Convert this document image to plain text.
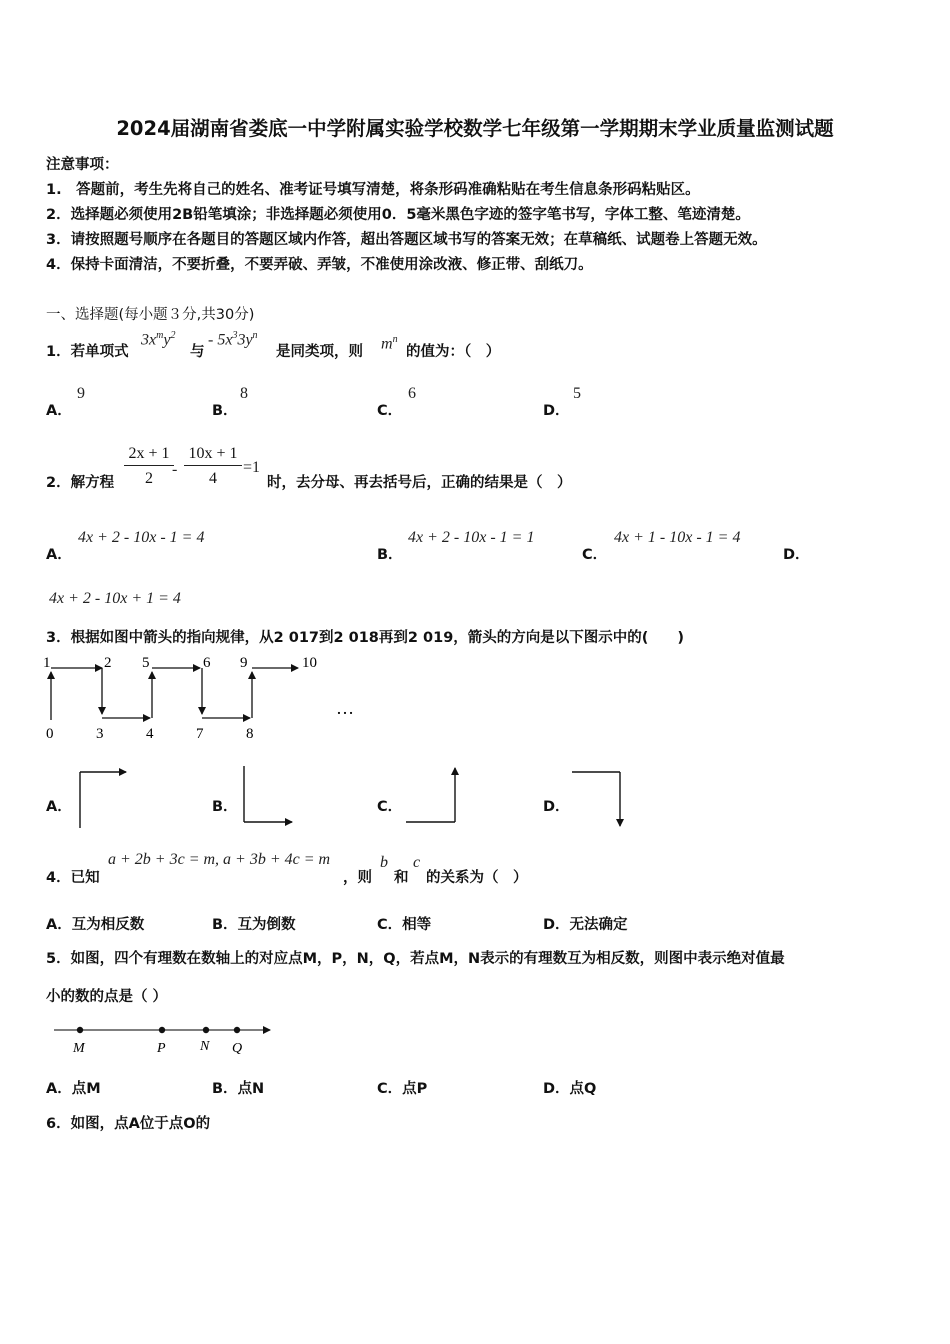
2024届湖南省娄底一中学附属实验学校数学七年级第一学期期末学业质量监测试题
注意事项：
1.　答题前，考生先将自己的姓名、准考证号填写清楚，将条形码准确粘贴在考生信息条形码粘贴区。
2．选择题必须使用2B铅笔填涂；非选择题必须使用0．5毫米黑色字迹的签字笔书写，字体工整、笔迹清楚。
3．请按照题号顺序在各题目的答题区域内作答，超出答题区域书写的答案无效；在草稿纸、试题卷上答题无效。
4．保持卡面清洁，不要折叠，不要弄破、弄皱，不准使用涂改液、修正带、刮纸刀。
一、选择题(每小题３分,共30分)
1．若单项式
$3x^my^2$
与
- $5x^33y^n$
是同类项，则 $m^n$
的值为：（　）
A．
9
B．
8
C．
6
D．
5
2．解方程 $\frac{2x + 1}{2}$
- $\frac{10x + 1}{4} =1$
时，去分母、再去括号后，正确的结果是（　）
A．
4x + 2 - 10x - 1 = 4
B．
4x + 2 - 10x - 1 = 1
C．
4x + 1 - 10x - 1 = 4
D．
4x + 2 - 10x + 1 = 4
3．根据如图中箭头的指向规律，从2 017到2 018再到2 019，箭头的方向是以下图示中的(　　)
1	2 5	6 9	10
0	3	4	7	8
…
A．	B．	C．	D．
4．已知
a + 2b + 3c = m, a + 3b + 4c = m
，则
b
和
c
的关系为（　）
A．互为相反数	B．互为倒数	C．相等	D．无法确定
5．如图，四个有理数在数轴上的对应点M，P，N，Q，若点M，N表示的有理数互为相反数，则图中表示绝对值最
小的数的点是（ ）
M	P N Q
A．点M	B．点N	C．点P	D．点Q
6．如图，点A位于点O的
